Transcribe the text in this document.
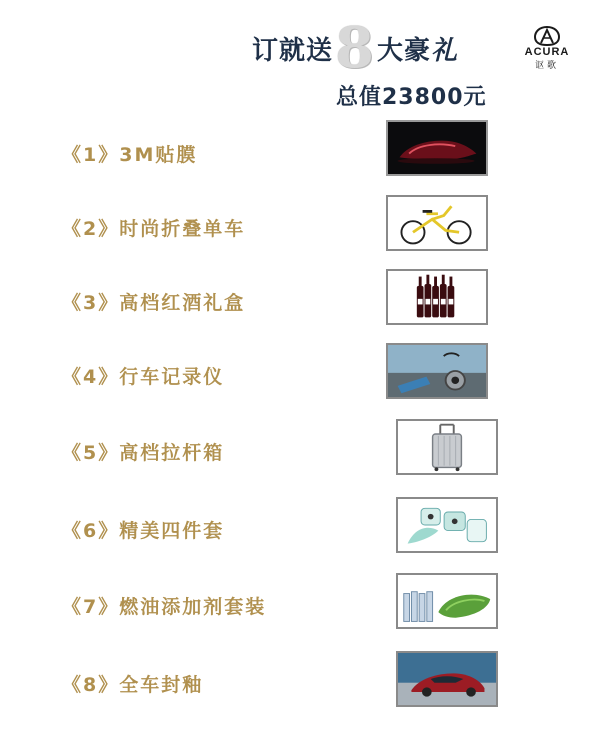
订就送8大豪礼
总值23800元
ACURA
讴歌
《1》3M贴膜
《2》时尚折叠单车
《3》高档红酒礼盒
《4》行车记录仪
《5》高档拉杆箱
《6》精美四件套
《7》燃油添加剂套装
《8》全车封釉
